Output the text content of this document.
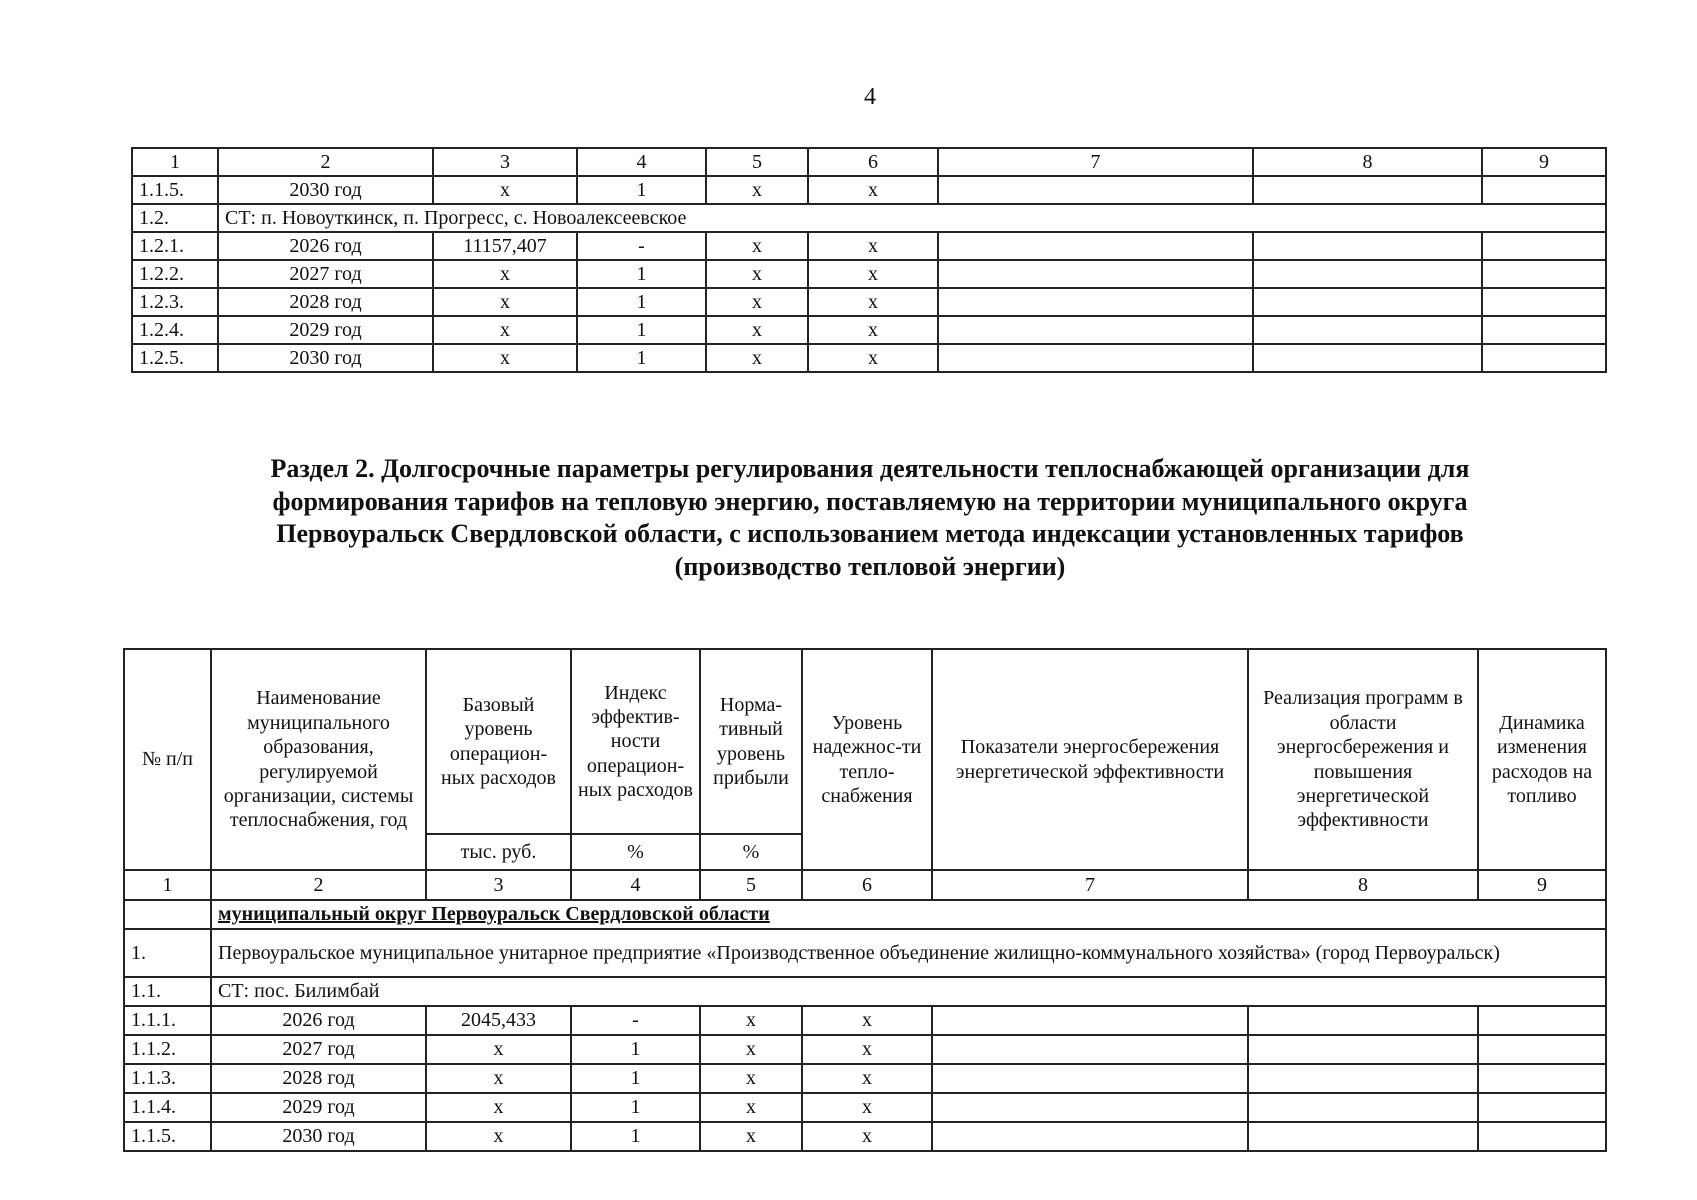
4
1	2	3	4	5	6	7	8	9
1.1.5.	2030 год	х	1	х	х			
1.2.	СТ: п. Новоуткинск, п. Прогресс, с. Новоалексеевское							
1.2.1.	2026 год	11157,407	-	х	х			
1.2.2.	2027 год	х	1	х	х			
1.2.3.	2028 год	х	1	х	х			
1.2.4.	2029 год	х	1	х	х			
1.2.5.	2030 год	х	1	х	х			
Раздел 2. Долгосрочные параметры регулирования деятельности теплоснабжающей организации для формирования тарифов на тепловую энергию, поставляемую на территории муниципального округа Первоуральск Свердловской области, с использованием метода индексации установленных тарифов (производство тепловой энергии)
№ п/п	Наименование муниципального образования, регулируемой организации, системы теплоснабжения, год	Базовый уровень операцион-ных расходов	Индекс эффектив-ности операцион-ных расходов	Норма-тивный уровень прибыли	Уровень надежнос-ти тепло-снабжения	Показатели энергосбережения энергетической эффективности	Реализация программ в области энергосбережения и повышения энергетической эффективности	Динамика изменения расходов на топливо
		тыс. руб.	%	%				
1	2	3	4	5	6	7	8	9
	муниципальный округ Первоуральск Свердловской области							
1.	Первоуральское муниципальное унитарное предприятие «Производственное объединение жилищно-коммунального хозяйства» (город Первоуральск)							
1.1.	СТ: пос. Билимбай							
1.1.1.	2026 год	2045,433	-	х	х			
1.1.2.	2027 год	х	1	х	х			
1.1.3.	2028 год	х	1	х	х			
1.1.4.	2029 год	х	1	х	х			
1.1.5.	2030 год	х	1	х	х			
